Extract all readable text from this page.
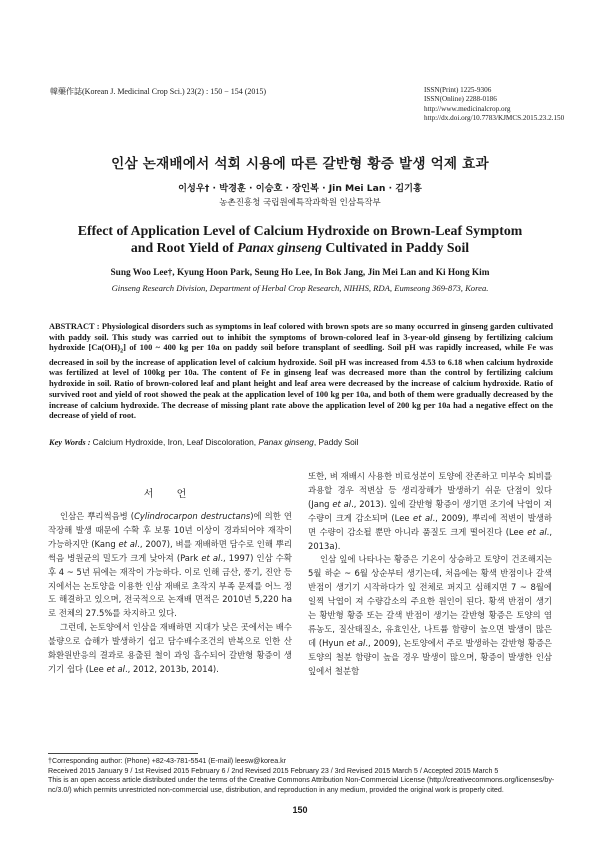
韓藥作誌(Korean J. Medicinal Crop Sci.) 23(2) : 150 − 154 (2015)	ISSN(Print) 1225-9306
ISSN(Online) 2288-0186
http://www.medicinalcrop.org
http://dx.doi.org/10.7783/KJMCS.2015.23.2.150
인삼 논재배에서 석회 시용에 따른 갈반형 황증 발생 억제 효과
이성우† · 박경훈 · 이승호 · 장인복 · Jin Mei Lan · 김기홍
농촌진흥청 국립원예특작과학원 인삼특작부
Effect of Application Level of Calcium Hydroxide on Brown-Leaf Symptom
and Root Yield of Panax ginseng Cultivated in Paddy Soil
Sung Woo Lee†, Kyung Hoon Park, Seung Ho Lee, In Bok Jang, Jin Mei Lan and Ki Hong Kim
Ginseng Research Division, Department of Herbal Crop Research, NIHHS, RDA, Eumseong 369-873, Korea.
ABSTRACT : Physiological disorders such as symptoms in leaf colored with brown spots are so many occurred in ginseng garden cultivated with paddy soil. This study was carried out to inhibit the symptoms of brown-colored leaf in 3-year-old ginseng by fertilizing calcium hydroxide $[Ca(OH)_2]$ of 100 ~ 400 kg per 10a on paddy soil before transplant of seedling. Soil pH was rapidly increased, while Fe was decreased in soil by the increase of application level of calcium hydroxide. Soil pH was increased from 4.53 to 6.18 when calcium hydroxide was fertilized at level of 100kg per 10a. The content of Fe in ginseng leaf was decreased more than the control by fertilizing calcium hydroxide in soil. Ratio of brown-colored leaf and plant height and leaf area were decreased by the increase of calcium hydroxide. Ratio of survived root and yield of root showed the peak at the application level of 100 kg per 10a, and both of them were gradually decreased by the increase of calcium hydroxide. The decrease of missing plant rate above the application level of 200 kg per 10a had a negative effect on the decrease of yield of root.
Key Words : Calcium Hydroxide, Iron, Leaf Discoloration, Panax ginseng, Paddy Soil
서 언

인삼은 뿌리썩음병 (Cylindrocarpon destructans)에 의한 연작장해 발생 때문에 수확 후 보통 10년 이상이 경과되어야 재작이 가능하지만 (Kang et al., 2007), 벼를 재배하면 담수로 인해 뿌리썩음 병원균의 밀도가 크게 낮아져 (Park et al., 1997) 인삼 수확 후 4 ~ 5년 뒤에는 재작이 가능하다. 이로 인해 금산, 풍기, 진안 등지에서는 논토양을 이용한 인삼 재배로 초작지 부족 문제를 어느 정도 해결하고 있으며, 전국적으로 논재배 면적은 2010년 5,220 ha로 전체의 27.5%를 차지하고 있다.

그런데, 논토양에서 인삼을 재배하면 지대가 낮은 곳에서는 배수불량으로 습해가 발생하기 쉽고 담수배수조건의 반복으로 인한 산화환원반응의 결과로 용출된 철이 과잉 흡수되어 갈반형 황증이 생기기 쉽다 (Lee et al., 2012, 2013b, 2014).

또한, 벼 재배시 사용한 비료성분이 토양에 잔존하고 미부숙 퇴비를 과용할 경우 적변삼 등 생리장해가 발생하기 쉬운 단점이 있다 (Jang et al., 2013). 잎에 갈반형 황증이 생기면 조기에 낙엽이 져 수량이 크게 감소되며 (Lee et al., 2009), 뿌리에 적변이 발생하면 수량이 감소될 뿐만 아니라 품질도 크게 떨어진다 (Lee et al., 2013a).

인삼 잎에 나타나는 황증은 기온이 상승하고 토양이 건조해지는 5월 하순 ~ 6월 상순부터 생기는데, 처음에는 황색 반점이나 갈색 반점이 생기기 시작하다가 잎 전체로 퍼지고 심해지면 7 ~ 8월에 일찍 낙엽이 져 수량감소의 주요한 원인이 된다. 황색 반점이 생기는 황반형 황증 또는 갈색 반점이 생기는 갈반형 황증은 토양의 염류농도, 질산태질소, 유효인산, 나트륨 함량이 높으면 발생이 많은데 (Hyun et al., 2009), 논토양에서 주로 발생하는 갈반형 황증은 토양의 철분 함량이 높을 경우 발생이 많으며, 황증이 발생한 인삼 잎에서 철분함

†Corresponding author: (Phone) +82-43-781-5541 (E-mail) leesw@korea.kr
Received 2015 January 9 / 1st Revised 2015 February 6 / 2nd Revised 2015 February 23 / 3rd Revised 2015 March 5 / Accepted 2015 March 5
This is an open access article distributed under the terms of the Creative Commons Attribution Non-Commercial License (http://creativecommons.org/licenses/by-nc/3.0/) which permits unrestricted non-commercial use, distribution, and reproduction in any medium, provided the original work is properly cited.
150
